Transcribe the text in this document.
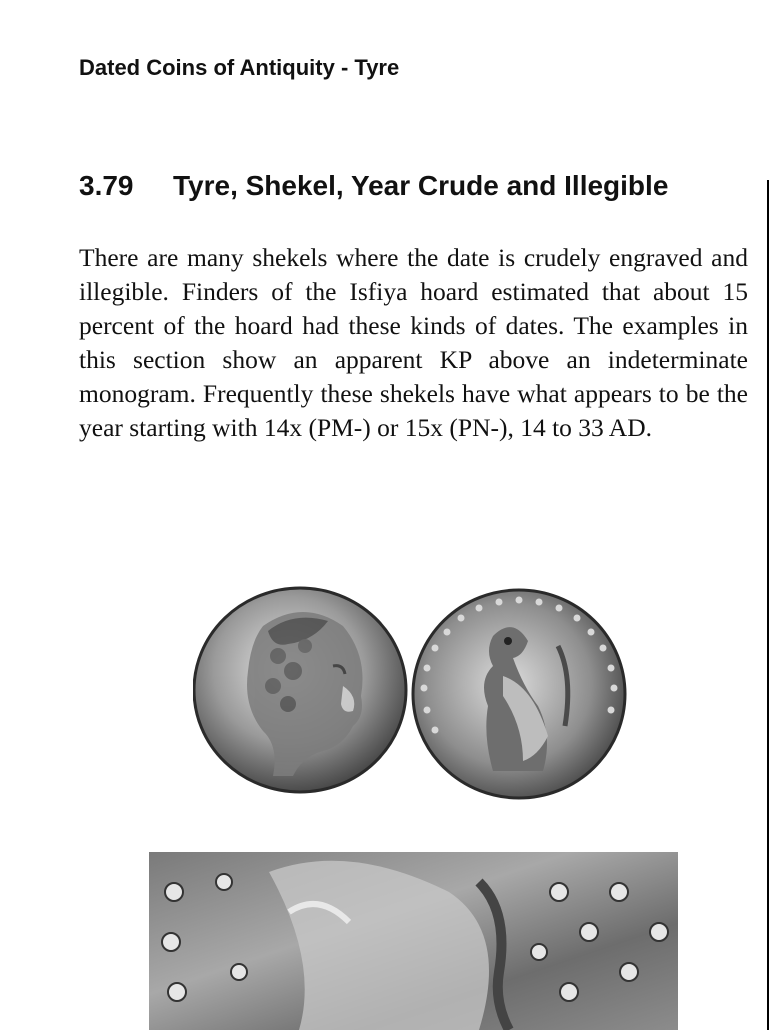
Dated Coins of Antiquity - Tyre
3.79 Tyre, Shekel, Year Crude and Illegible

There are many shekels where the date is crudely engraved and illegible. Finders of the Isfiya hoard estimated that about 15 percent of the hoard had these kinds of dates. The examples in this section show an apparent KP above an indeterminate monogram. Frequently these shekels have what appears to be the year starting with 14x (PM-) or 15x (PN-), 14 to 33 AD.
